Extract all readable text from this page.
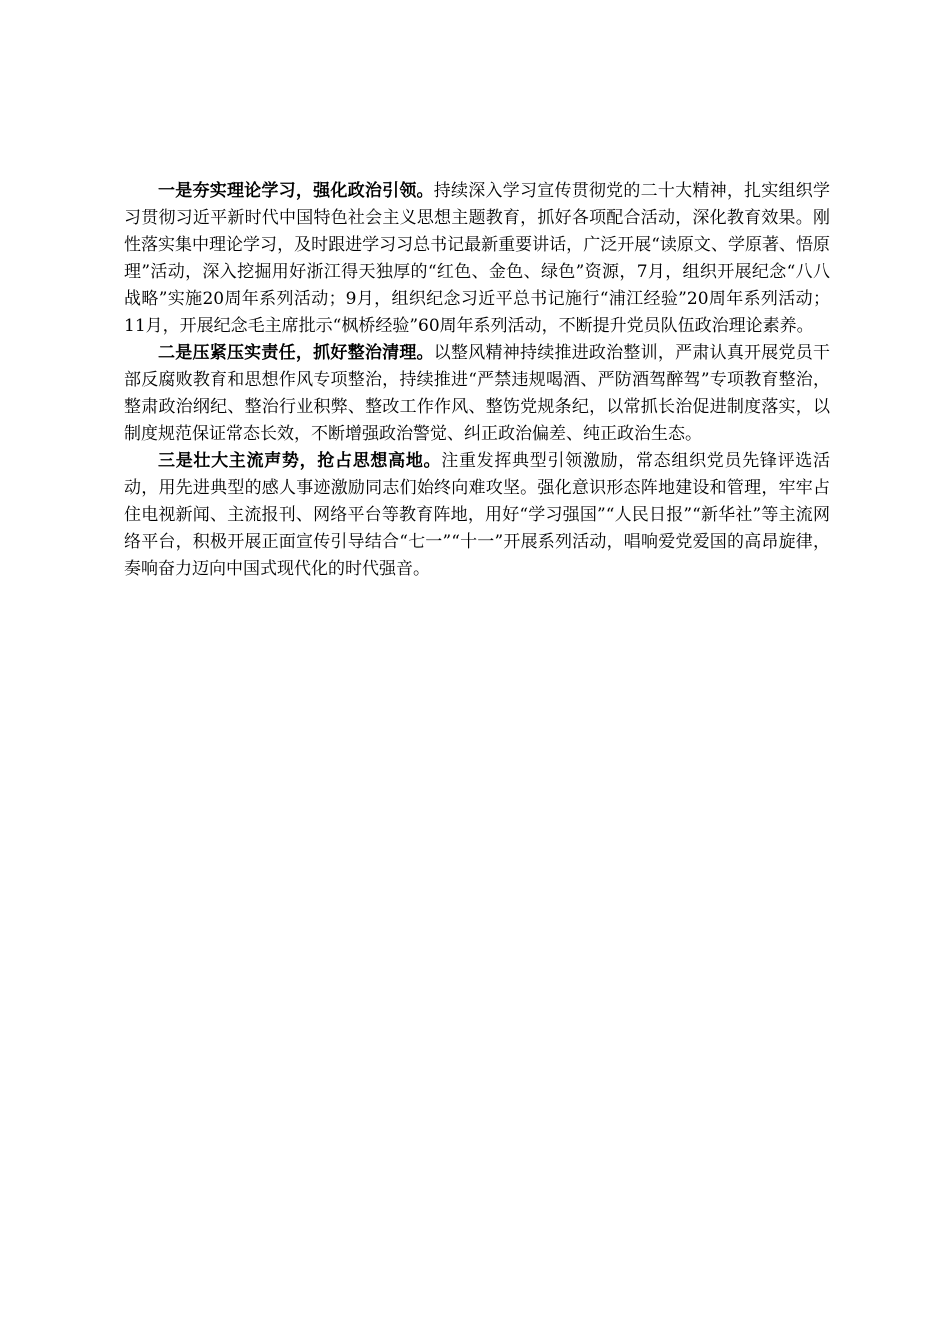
一是夯实理论学习，强化政治引领。持续深入学习宣传贯彻党的二十大精神，扎实组织学习贯彻习近平新时代中国特色社会主义思想主题教育，抓好各项配合活动，深化教育效果。刚性落实集中理论学习，及时跟进学习习总书记最新重要讲话，广泛开展“读原文、学原著、悟原理”活动，深入挖掘用好浙江得天独厚的“红色、金色、绿色”资源，7月，组织开展纪念“八八战略”实施20周年系列活动；9月，组织纪念习近平总书记施行“浦江经验”20周年系列活动；11月，开展纪念毛主席批示“枫桥经验”60周年系列活动，不断提升党员队伍政治理论素养。

二是压紧压实责任，抓好整治清理。以整风精神持续推进政治整训，严肃认真开展党员干部反腐败教育和思想作风专项整治，持续推进“严禁违规喝酒、严防酒驾醉驾”专项教育整治，整肃政治纲纪、整治行业积弊、整改工作作风、整饬党规条纪，以常抓长治促进制度落实，以制度规范保证常态长效，不断增强政治警觉、纠正政治偏差、纯正政治生态。

三是壮大主流声势，抢占思想高地。注重发挥典型引领激励，常态组织党员先锋评选活动，用先进典型的感人事迹激励同志们始终向难攻坚。强化意识形态阵地建设和管理，牢牢占住电视新闻、主流报刊、网络平台等教育阵地，用好“学习强国”“人民日报”“新华社”等主流网络平台，积极开展正面宣传引导结合“七一”“十一”开展系列活动，唱响爱党爱国的高昂旋律，奏响奋力迈向中国式现代化的时代强音。
